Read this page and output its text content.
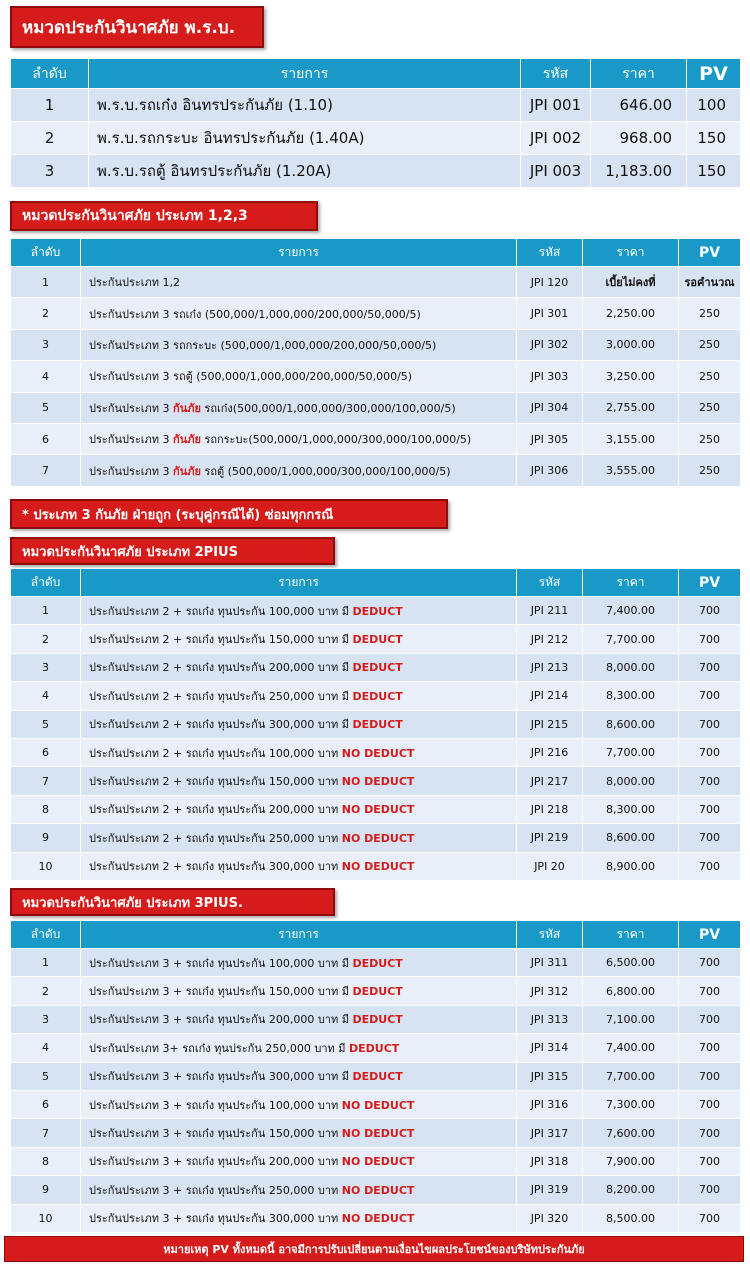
หมวดประกันวินาศภัย พ.ร.บ.
ลำดับ	รายการ	รหัส	ราคา	PV
1	พ.ร.บ.รถเก๋ง อินทรประกันภัย (1.10)	JPI 001	646.00	100
2	พ.ร.บ.รถกระบะ อินทรประกันภัย (1.40A)	JPI 002	968.00	150
3	พ.ร.บ.รถตู้ อินทรประกันภัย (1.20A)	JPI 003	1,183.00	150
หมวดประกันวินาศภัย ประเภท 1,2,3
ลำดับ	รายการ	รหัส	ราคา	PV
1	ประกันประเภท 1,2	JPI 120	เบี้ยไม่คงที่	รอคำนวณ
2	ประกันประเภท 3 รถเก๋ง (500,000/1,000,000/200,000/50,000/5)	JPI 301	2,250.00	250
3	ประกันประเภท 3 รถกระบะ (500,000/1,000,000/200,000/50,000/5)	JPI 302	3,000.00	250
4	ประกันประเภท 3 รถตู้ (500,000/1,000,000/200,000/50,000/5)	JPI 303	3,250.00	250
5	ประกันประเภท 3 กันภัย รถเก๋ง(500,000/1,000,000/300,000/100,000/5)	JPI 304	2,755.00	250
6	ประกันประเภท 3 กันภัย รถกระบะ(500,000/1,000,000/300,000/100,000/5)	JPI 305	3,155.00	250
7	ประกันประเภท 3 กันภัย รถตู้ (500,000/1,000,000/300,000/100,000/5)	JPI 306	3,555.00	250
* ประเภท 3 กันภัย ฝ่ายถูก (ระบุคู่กรณีได้) ซ่อมทุกกรณี
หมวดประกันวินาศภัย ประเภท 2PIUS
ลำดับ	รายการ	รหัส	ราคา	PV
1	ประกันประเภท 2 + รถเก๋ง ทุนประกัน 100,000 บาท มี DEDUCT	JPI 211	7,400.00	700
2	ประกันประเภท 2 + รถเก๋ง ทุนประกัน 150,000 บาท มี DEDUCT	JPI 212	7,700.00	700
3	ประกันประเภท 2 + รถเก๋ง ทุนประกัน 200,000 บาท มี DEDUCT	JPI 213	8,000.00	700
4	ประกันประเภท 2 + รถเก๋ง ทุนประกัน 250,000 บาท มี DEDUCT	JPI 214	8,300.00	700
5	ประกันประเภท 2 + รถเก๋ง ทุนประกัน 300,000 บาท มี DEDUCT	JPI 215	8,600.00	700
6	ประกันประเภท 2 + รถเก๋ง ทุนประกัน 100,000 บาท NO DEDUCT	JPI 216	7,700.00	700
7	ประกันประเภท 2 + รถเก๋ง ทุนประกัน 150,000 บาท NO DEDUCT	JPI 217	8,000.00	700
8	ประกันประเภท 2 + รถเก๋ง ทุนประกัน 200,000 บาท NO DEDUCT	JPI 218	8,300.00	700
9	ประกันประเภท 2 + รถเก๋ง ทุนประกัน 250,000 บาท NO DEDUCT	JPI 219	8,600.00	700
10	ประกันประเภท 2 + รถเก๋ง ทุนประกัน 300,000 บาท NO DEDUCT	JPI 20	8,900.00	700
หมวดประกันวินาศภัย ประเภท 3PIUS.
ลำดับ	รายการ	รหัส	ราคา	PV
1	ประกันประเภท 3 + รถเก๋ง ทุนประกัน 100,000 บาท มี DEDUCT	JPI 311	6,500.00	700
2	ประกันประเภท 3 + รถเก๋ง ทุนประกัน 150,000 บาท มี DEDUCT	JPI 312	6,800.00	700
3	ประกันประเภท 3 + รถเก๋ง ทุนประกัน 200,000 บาท มี DEDUCT	JPI 313	7,100.00	700
4	ประกันประเภท 3+ รถเก๋ง ทุนประกัน 250,000 บาท มี DEDUCT	JPI 314	7,400.00	700
5	ประกันประเภท 3 + รถเก๋ง ทุนประกัน 300,000 บาท มี DEDUCT	JPI 315	7,700.00	700
6	ประกันประเภท 3 + รถเก๋ง ทุนประกัน 100,000 บาท NO DEDUCT	JPI 316	7,300.00	700
7	ประกันประเภท 3 + รถเก๋ง ทุนประกัน 150,000 บาท NO DEDUCT	JPI 317	7,600.00	700
8	ประกันประเภท 3 + รถเก๋ง ทุนประกัน 200,000 บาท NO DEDUCT	JPI 318	7,900.00	700
9	ประกันประเภท 3 + รถเก๋ง ทุนประกัน 250,000 บาท NO DEDUCT	JPI 319	8,200.00	700
10	ประกันประเภท 3 + รถเก๋ง ทุนประกัน 300,000 บาท NO DEDUCT	JPI 320	8,500.00	700
หมายเหตุ PV ทั้งหมดนี้ อาจมีการปรับเปลี่ยนตามเงื่อนไขผลประโยชน์ของบริษัทประกันภัย
